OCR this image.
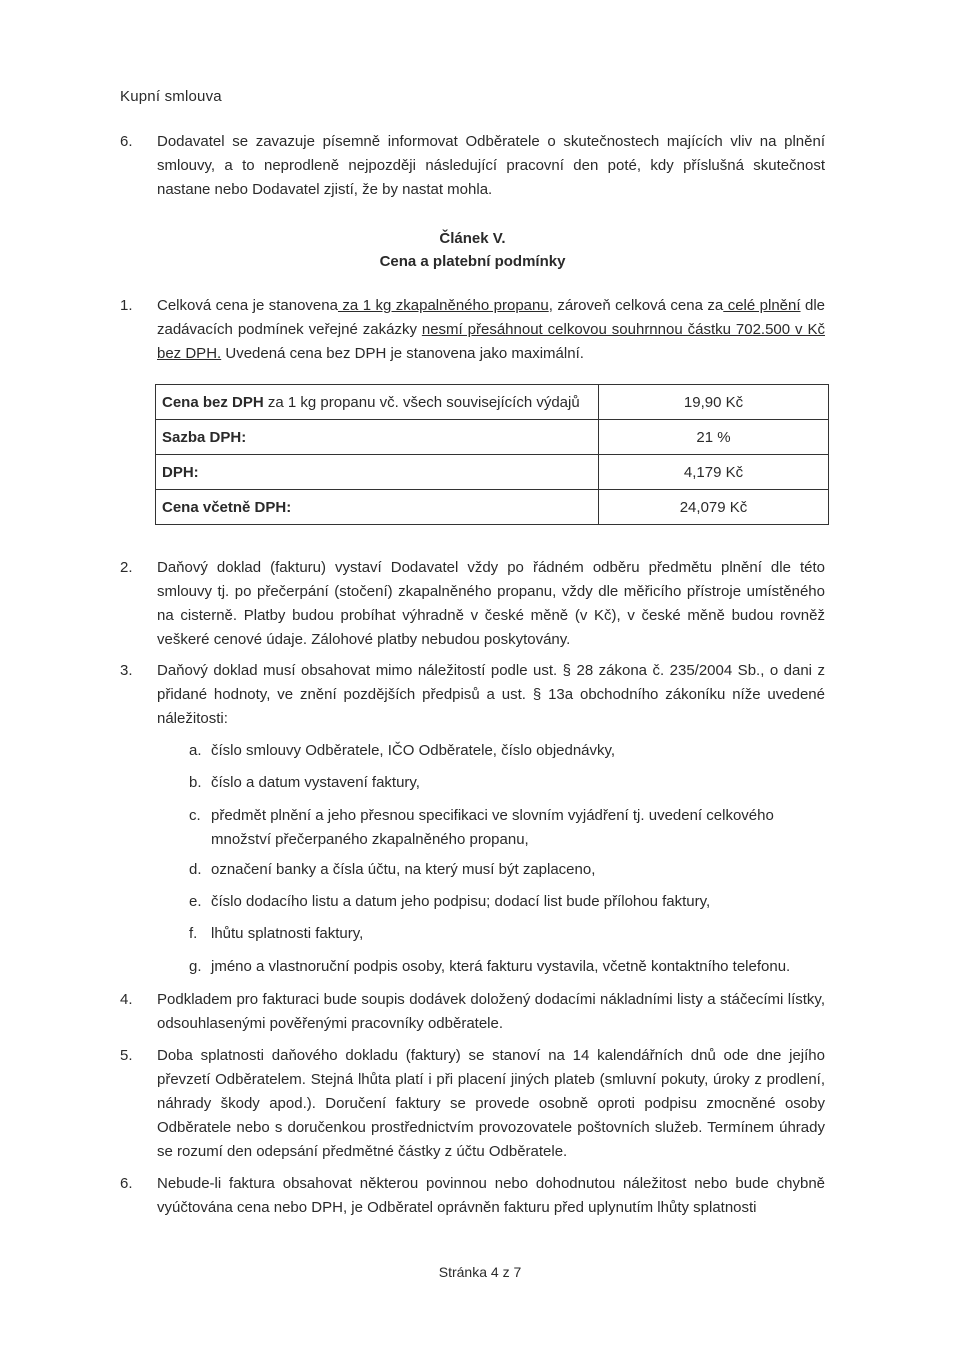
Kupní smlouva
6.	Dodavatel se zavazuje písemně informovat Odběratele o skutečnostech majících vliv na plnění smlouvy, a to neprodleně nejpozději následující pracovní den poté, kdy příslušná skutečnost nastane nebo Dodavatel zjistí, že by nastat mohla.
Článek V.
Cena a platební podmínky
1.	Celková cena je stanovena za 1 kg zkapalněného propanu, zároveň celková cena za celé plnění dle zadávacích podmínek veřejné zakázky nesmí přesáhnout celkovou souhrnnou částku 702.500 v Kč bez DPH. Uvedená cena bez DPH je stanovena jako maximální.
Cena bez DPH za 1 kg propanu vč. všech souvisejících výdajů	19,90 Kč
Sazba DPH:	21 %
DPH:	4,179 Kč
Cena včetně DPH:	24,079 Kč
2.	Daňový doklad (fakturu) vystaví Dodavatel vždy po řádném odběru předmětu plnění dle této smlouvy tj. po přečerpání (stočení) zkapalněného propanu, vždy dle měřicího přístroje umístěného na cisterně. Platby budou probíhat výhradně v české měně (v Kč), v české měně budou rovněž veškeré cenové údaje. Zálohové platby nebudou poskytovány.
3.	Daňový doklad musí obsahovat mimo náležitostí podle ust. § 28 zákona č. 235/2004 Sb., o dani z přidané hodnoty, ve znění pozdějších předpisů a ust. § 13a obchodního zákoníku níže uvedené náležitosti:
a. číslo smlouvy Odběratele, IČO Odběratele, číslo objednávky,
b. číslo a datum vystavení faktury,
c. předmět plnění a jeho přesnou specifikaci ve slovním vyjádření tj. uvedení celkového množství přečerpaného zkapalněného propanu,
d. označení banky a čísla účtu, na který musí být zaplaceno,
e. číslo dodacího listu a datum jeho podpisu; dodací list bude přílohou faktury,
f. lhůtu splatnosti faktury,
g. jméno a vlastnoruční podpis osoby, která fakturu vystavila, včetně kontaktního telefonu.
4.	Podkladem pro fakturaci bude soupis dodávek doložený dodacími nákladními listy a stáčecími lístky, odsouhlasenými pověřenými pracovníky odběratele.
5.	Doba splatnosti daňového dokladu (faktury) se stanoví na 14 kalendářních dnů ode dne jejího převzetí Odběratelem. Stejná lhůta platí i při placení jiných plateb (smluvní pokuty, úroky z prodlení, náhrady škody apod.). Doručení faktury se provede osobně oproti podpisu zmocněné osoby Odběratele nebo s doručenkou prostřednictvím provozovatele poštovních služeb. Termínem úhrady se rozumí den odepsání předmětné částky z účtu Odběratele.
6.	Nebude-li faktura obsahovat některou povinnou nebo dohodnutou náležitost nebo bude chybně vyúčtována cena nebo DPH, je Odběratel oprávněn fakturu před uplynutím lhůty splatnosti
Stránka 4 z 7
